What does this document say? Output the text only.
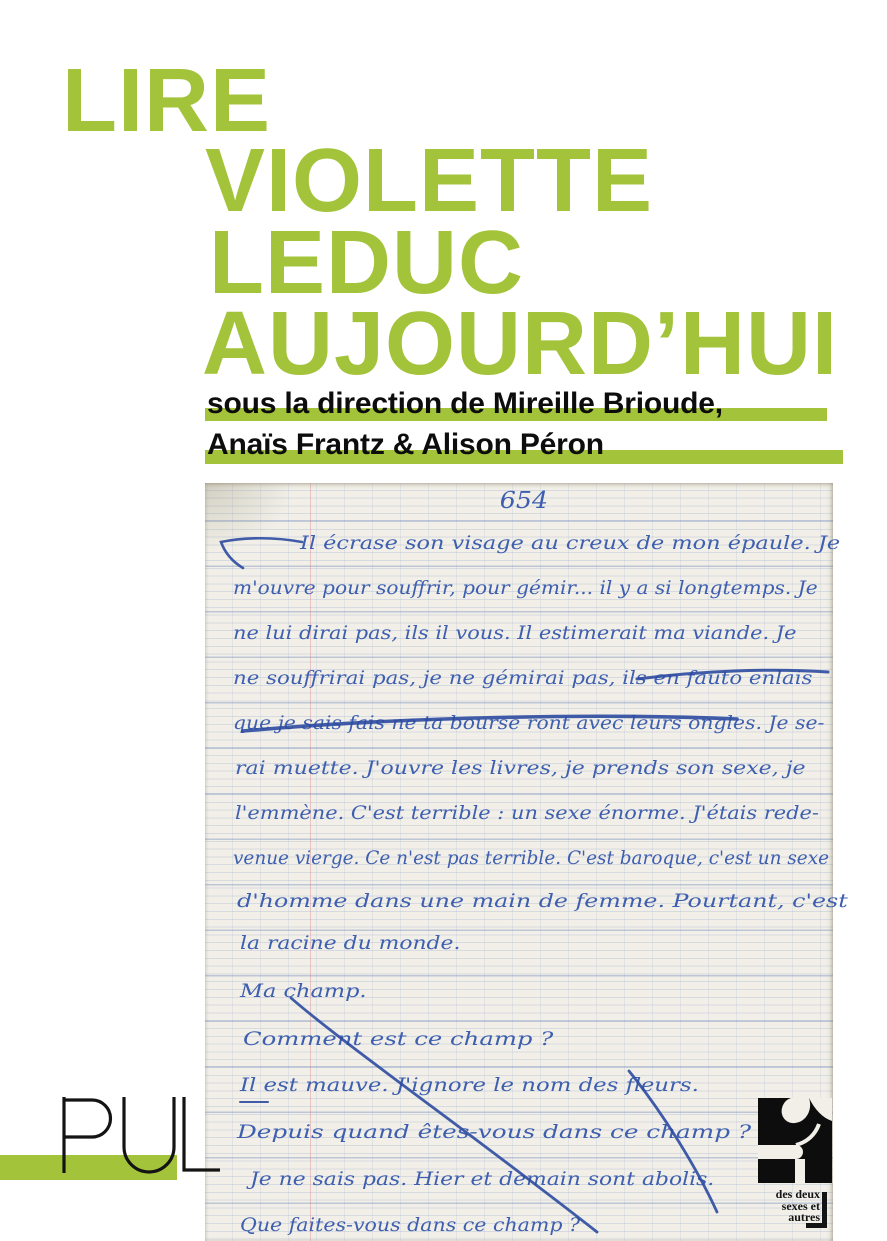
LIRE
VIOLETTE
LEDUC
AUJOURD’HUI
sous la direction de Mireille Brioude,
Anaïs Frantz & Alison Péron
654
Il écrase son visage au creux de mon épaule. Je
m'ouvre pour souffrir, pour gémir... il y a si longtemps. Je
ne lui dirai pas, ils il vous. Il estimerait ma viande. Je
ne souffrirai pas, je ne gémirai pas, ils en fauto enlais
que je sais fais ne ta bourse ront avec leurs ongles. Je se-
rai muette. J'ouvre les livres, je prends son sexe, je
l'emmène. C'est terrible : un sexe énorme. J'étais rede-
venue vierge. Ce n'est pas terrible. C'est baroque, c'est un sexe
d'homme dans une main de femme. Pourtant, c'est
la racine du monde.
Ma champ.
Comment est ce champ ?
Il est mauve. J'ignore le nom des fleurs.
Depuis quand êtes-vous dans ce champ ?
Je ne sais pas. Hier et demain sont abolis.
Que faites-vous dans ce champ ?
des deux
sexes et
autres
